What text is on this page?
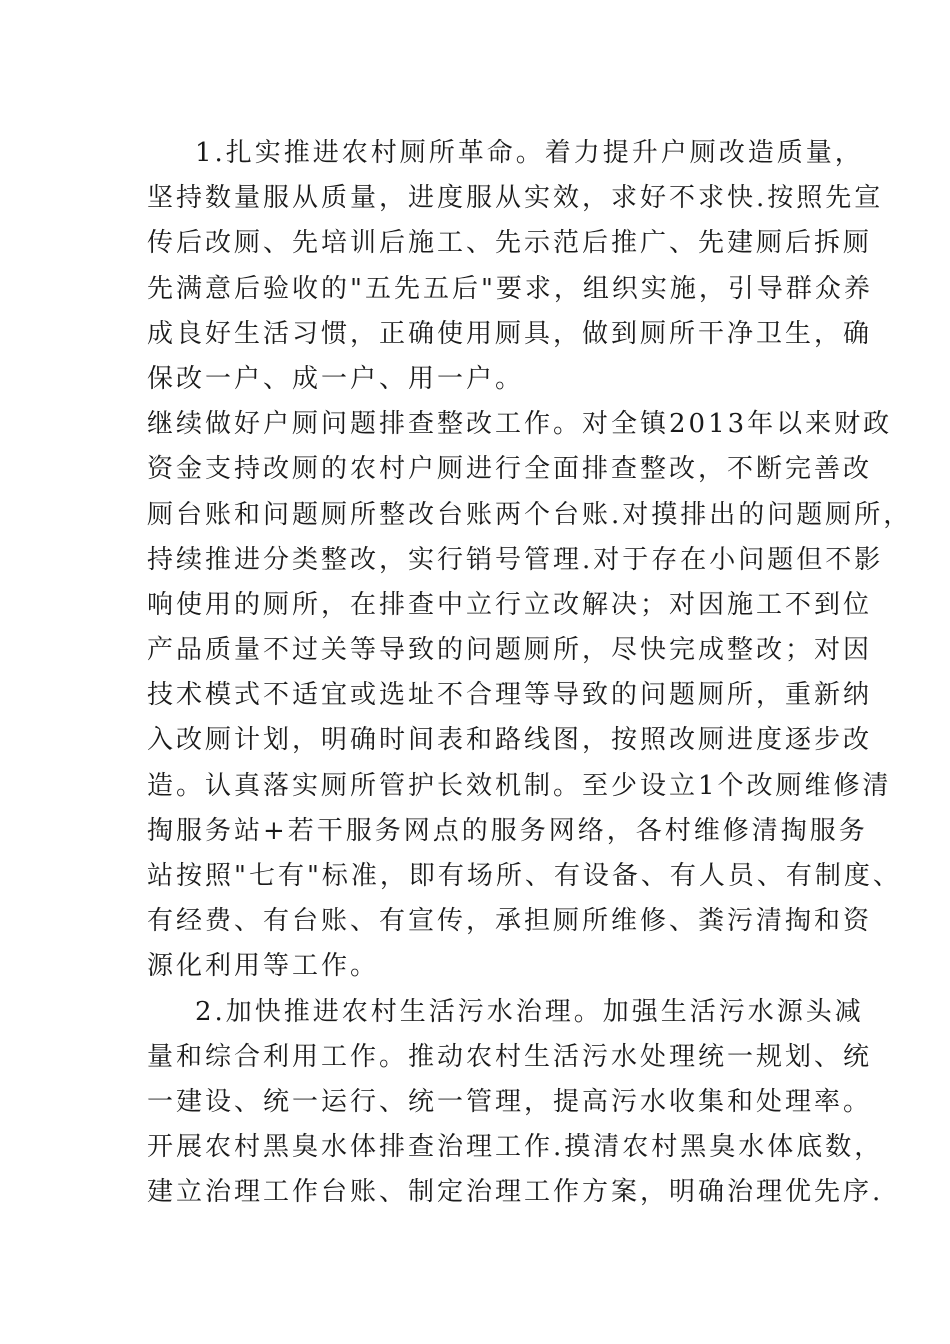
1.扎实推进农村厕所革命。着力提升户厕改造质量，
坚持数量服从质量，进度服从实效，求好不求快.按照先宣
传后改厕、先培训后施工、先示范后推广、先建厕后拆厕
先满意后验收的"五先五后"要求，组织实施，引导群众养
成良好生活习惯，正确使用厕具，做到厕所干净卫生，确
保改一户、成一户、用一户。
继续做好户厕问题排查整改工作。对全镇2013年以来财政
资金支持改厕的农村户厕进行全面排查整改，不断完善改
厕台账和问题厕所整改台账两个台账.对摸排出的问题厕所，
持续推进分类整改，实行销号管理.对于存在小问题但不影
响使用的厕所，在排查中立行立改解决；对因施工不到位
产品质量不过关等导致的问题厕所，尽快完成整改；对因
技术模式不适宜或选址不合理等导致的问题厕所，重新纳
入改厕计划，明确时间表和路线图，按照改厕进度逐步改
造。认真落实厕所管护长效机制。至少设立1个改厕维修清
掏服务站+若干服务网点的服务网络，各村维修清掏服务
站按照"七有"标准，即有场所、有设备、有人员、有制度、
有经费、有台账、有宣传，承担厕所维修、粪污清掏和资
源化利用等工作。
2.加快推进农村生活污水治理。加强生活污水源头减
量和综合利用工作。推动农村生活污水处理统一规划、统
一建设、统一运行、统一管理，提高污水收集和处理率。
开展农村黑臭水体排查治理工作.摸清农村黑臭水体底数，
建立治理工作台账、制定治理工作方案，明确治理优先序.
